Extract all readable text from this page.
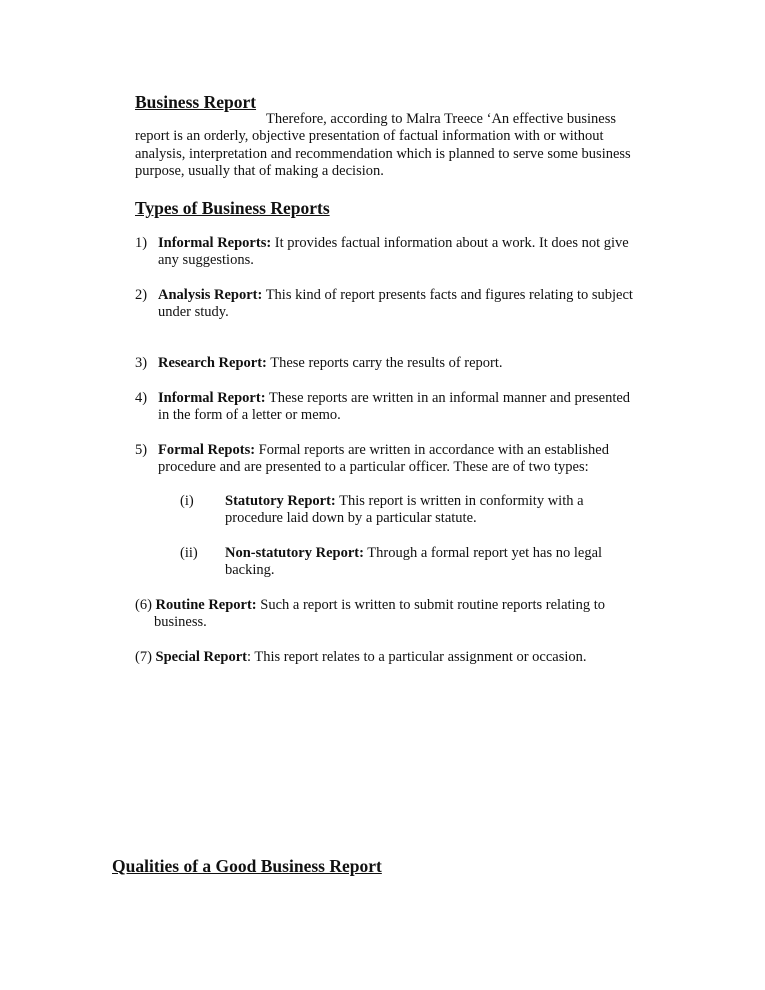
Business Report
Therefore, according to Malra Treece ‘An effective business
report is an orderly, objective presentation of factual information with or without
analysis, interpretation and recommendation which is planned to serve some business
purpose, usually that of making a decision.
Types of Business Reports
1) Informal Reports: It provides factual information about a work. It does not give
any suggestions.
2) Analysis Report: This kind of report presents facts and figures relating to subject
under study.
3) Research Report: These reports carry the results of report.
4) Informal Report: These reports are written in an informal manner and presented
in the form of a letter or memo.
5) Formal Repots: Formal reports are written in accordance with an established
procedure and are presented to a particular officer. These are of two types:
(i) Statutory Report: This report is written in conformity with a
procedure laid down by a particular statute.
(ii) Non-statutory Report: Through a formal report yet has no legal
backing.
(6) Routine Report: Such a report is written to submit routine reports relating to
business.
(7) Special Report: This report relates to a particular assignment or occasion.
Qualities of a Good Business Report
